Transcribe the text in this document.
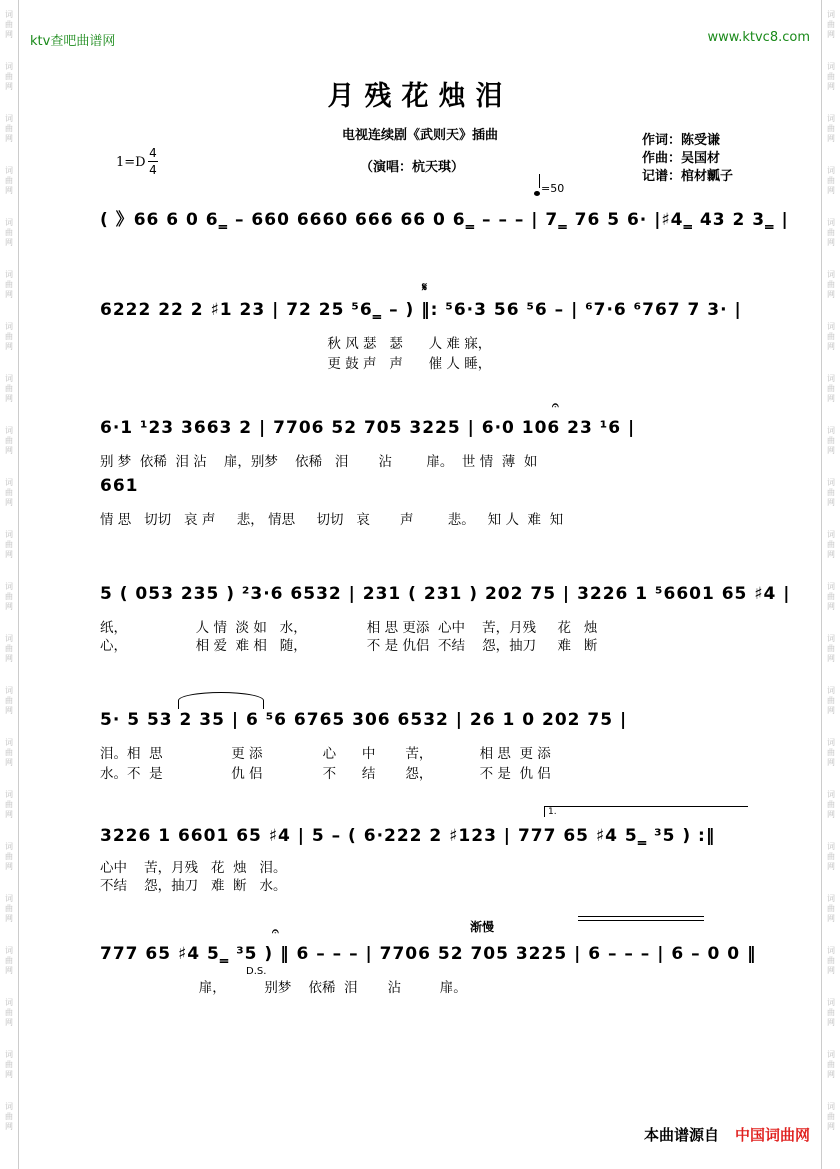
词
曲
网
词
曲
网
词
曲
网
词
曲
网
词
曲
网
词
曲
网
词
曲
网
词
曲
网
词
曲
网
词
曲
网
词
曲
网
词
曲
网
词
曲
网
词
曲
网
词
曲
网
词
曲
网
词
曲
网
词
曲
网
词
曲
网
词
曲
网
词
曲
网
词
曲
网
词
曲
网
词
曲
网
词
曲
网
词
曲
网
词
曲
网
词
曲
网
词
曲
网
词
曲
网
词
曲
网
词
曲
网
词
曲
网
词
曲
网
词
曲
网
词
曲
网
词
曲
网
词
曲
网
词
曲
网
词
曲
网
词
曲
网
词
曲
网
词
曲
网
词
曲
网
ktv查吧曲谱网	www.ktvc8.com
月残花烛泪
电视连续剧《武则天》插曲
（演唱：杭天琪）
作词：陈受谦
作曲：吴国材
记谱：棺材瓤子
1=D
4
4
=50
( 》66 6 0 6‗ – 660 6660 666 66 0 6‗ – – – | 7‗ 76 5 6∙ |♯4‗ 43 2 3‗ |
𝄋
6222 22 2 ♯1 23 | 72 25 ⁵6‗ – ) ‖: ⁵6·3 56 ⁵6 – | ⁶7·6 ⁶767 7 3· |
秋 风 瑟   瑟      人 难 寐，
更 鼓 声   声      催 人 睡，
𝄐
6·1 ¹23 3663 2 | 7706 52 705 3225 | 6·0 106 23 ¹6 |
别 梦  依稀  泪 沾    扉，别梦    依稀   泪       沾        扉。  世 情  薄  如
661
情 思   切切   哀 声     悲， 情思     切切   哀       声        悲。   知 人  难  知
5 ( 053 235 ) ²3·6 6532 | 231 ( 231 ) 202 75 | 3226 1 ⁵6601 65 ♯4 |
纸，                人 情  淡 如   水，              相 思 更添  心中    苦，月残     花   烛
心，                相 爱  难 相   随，              不 是 仇侣  不结    怨，抽刀     难   断
5· 5 53 2 35 | 6 ⁵6 6765 306 6532 | 26 1 0 202 75 |
泪。相  思                更 添              心      中       苦，           相 思  更 添
水。不  是                仇 侣              不      结       怨，           不 是  仇 侣
1.
3226 1 6601 65 ♯4 | 5 – ( 6·222 2 ♯123 | 777 65 ♯4 5‗ ³5 ) :‖
心中    苦，月残   花  烛   泪。
不结    怨，抽刀   难  断   水。
渐慢
𝄐
777 65 ♯4 5‗ ³5 ) ‖ 6 – – – | 7706 52 705 3225 | 6 – – – | 6 – 0 0 ‖
D.S.
扉，         别梦    依稀  泪       沾         扉。
本曲谱源自 中国词曲网
